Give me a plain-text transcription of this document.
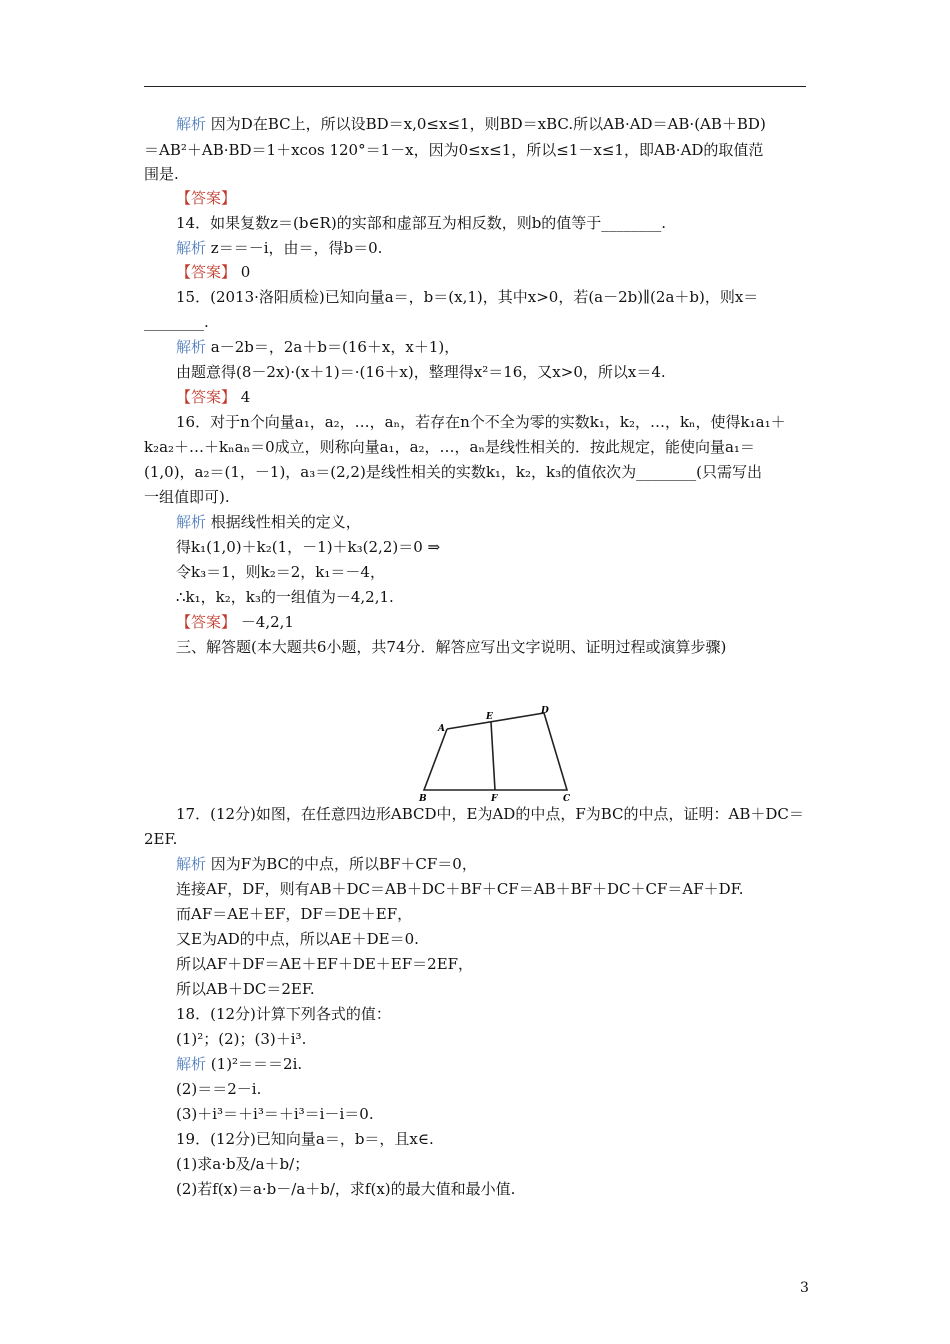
解析 因为D在BC上，所以设BD＝x,0≤x≤1，则BD＝xBC.所以AB·AD＝AB·(AB＋BD)
＝AB²＋AB·BD＝1＋xcos 120°＝1－x，因为0≤x≤1，所以≤1－x≤1，即AB·AD的取值范
围是.
【答案】
14．如果复数z＝(b∈R)的实部和虚部互为相反数，则b的值等于________.
解析 z＝＝－i，由＝，得b＝0.
【答案】 0
15．(2013·洛阳质检)已知向量a＝，b＝(x,1)，其中x>0，若(a－2b)∥(2a＋b)，则x＝
________.
解析 a－2b＝，2a＋b＝(16＋x，x＋1)，
由题意得(8－2x)·(x＋1)＝·(16＋x)，整理得x²＝16，又x>0，所以x＝4.
【答案】 4
16．对于n个向量a₁，a₂，…，aₙ，若存在n个不全为零的实数k₁，k₂，…，kₙ，使得k₁a₁＋
k₂a₂＋…＋kₙaₙ＝0成立，则称向量a₁，a₂，…，aₙ是线性相关的．按此规定，能使向量a₁＝
(1,0)，a₂＝(1，－1)，a₃＝(2,2)是线性相关的实数k₁，k₂，k₃的值依次为________(只需写出
一组值即可).
解析 根据线性相关的定义，
得k₁(1,0)＋k₂(1，－1)＋k₃(2,2)＝0 ⇒
令k₃＝1，则k₂＝2，k₁＝－4，
∴k₁，k₂，k₃的一组值为－4,2,1.
【答案】 －4,2,1
三、解答题(本大题共6小题，共74分．解答应写出文字说明、证明过程或演算步骤)
17．(12分)如图，在任意四边形ABCD中，E为AD的中点，F为BC的中点，证明：AB＋DC＝
2EF.
解析 因为F为BC的中点，所以BF＋CF＝0，
连接AF，DF，则有AB＋DC＝AB＋DC＋BF＋CF＝AB＋BF＋DC＋CF＝AF＋DF.
而AF＝AE＋EF，DF＝DE＋EF，
又E为AD的中点，所以AE＋DE＝0.
所以AF＋DF＝AE＋EF＋DE＋EF＝2EF，
所以AB＋DC＝2EF.
18．(12分)计算下列各式的值：
(1)²；(2)；(3)＋i³.
解析 (1)²＝＝＝2i.
(2)＝＝2－i.
(3)＋i³＝＋i³＝＋i³＝i－i＝0.
19．(12分)已知向量a＝，b＝，且x∈.
(1)求a·b及/a＋b/；
(2)若f(x)＝a·b－/a＋b/，求f(x)的最大值和最小值.
A
E
D
B	F	C
3
